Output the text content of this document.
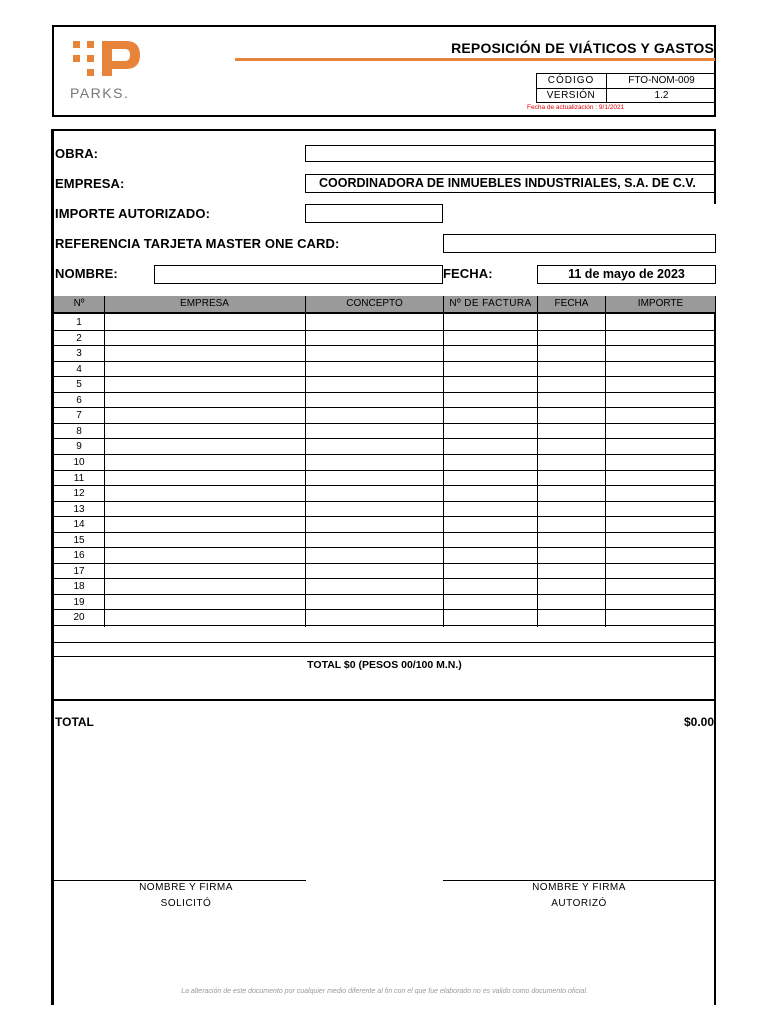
PARKS.
REPOSICIÓN DE VIÁTICOS Y GASTOS
CÓDIGO	FTO-NOM-009
VERSIÓN	1.2
Fecha de actualización : 9/1/2021
OBRA:
EMPRESA:	COORDINADORA DE INMUEBLES INDUSTRIALES, S.A. DE C.V.
IMPORTE AUTORIZADO:
REFERENCIA TARJETA MASTER ONE CARD:
NOMBRE:	FECHA:	11 de mayo de 2023
Nº	EMPRESA	CONCEPTO	Nº DE FACTURA	FECHA	IMPORTE
1
2
3
4
5
6
7
8
9
10
11
12
13
14
15
16
17
18
19
20
TOTAL $0 (PESOS 00/100 M.N.)
TOTAL	$0.00
NOMBRE Y FIRMA
SOLICITÓ
NOMBRE Y FIRMA
AUTORIZÓ
La alteración de este documento por cualquier medio diferente al fin con el que fue elaborado no es valido como documento oficial.
